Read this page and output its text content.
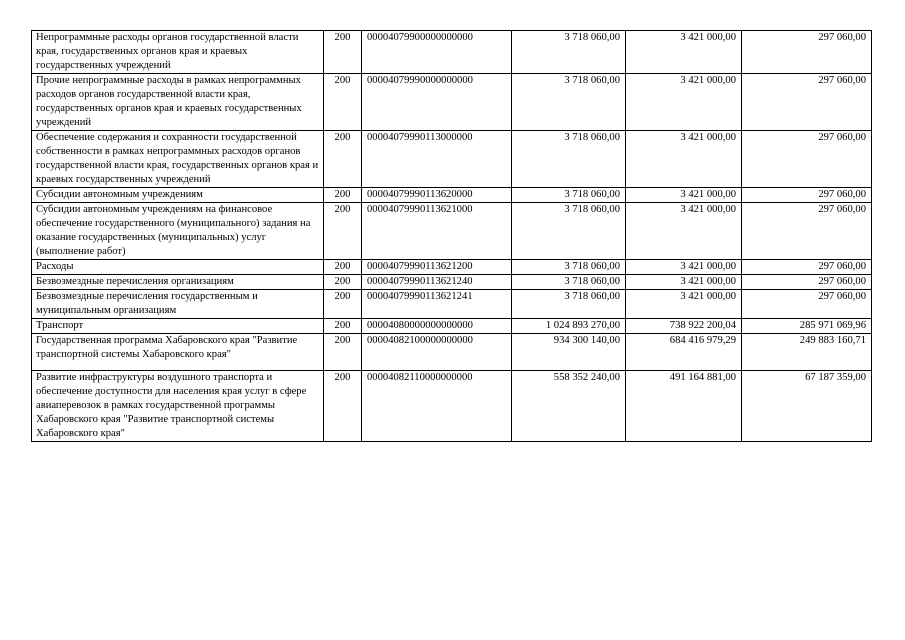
Непрограммные расходы органов государственной власти края, государственных органов края и краевых государственных учреждений	200	00004079900000000000	3 718 060,00	3 421 000,00	297 060,00
Прочие непрограммные расходы в рамках непрограммных расходов органов государственной власти края, государственных органов края и краевых государственных учреждений	200	00004079990000000000	3 718 060,00	3 421 000,00	297 060,00
Обеспечение содержания и сохранности государственной собственности в рамках непрограммных расходов органов государственной власти края, государственных органов края и краевых государственных учреждений	200	00004079990113000000	3 718 060,00	3 421 000,00	297 060,00
Субсидии автономным учреждениям	200	00004079990113620000	3 718 060,00	3 421 000,00	297 060,00
Субсидии автономным учреждениям на финансовое обеспечение государственного (муниципального) задания на оказание государственных (муниципальных) услуг (выполнение работ)	200	00004079990113621000	3 718 060,00	3 421 000,00	297 060,00
Расходы	200	00004079990113621200	3 718 060,00	3 421 000,00	297 060,00
Безвозмездные перечисления организациям	200	00004079990113621240	3 718 060,00	3 421 000,00	297 060,00
Безвозмездные перечисления государственным и муниципальным организациям	200	00004079990113621241	3 718 060,00	3 421 000,00	297 060,00
Транспорт	200	00004080000000000000	1 024 893 270,00	738 922 200,04	285 971 069,96
Государственная программа Хабаровского края "Развитие транспортной системы Хабаровского края"	200	00004082100000000000	934 300 140,00	684 416 979,29	249 883 160,71
Развитие инфраструктуры воздушного транспорта и обеспечение доступности для населения края услуг в сфере авиаперевозок в рамках государственной программы Хабаровского края "Развитие транспортной системы Хабаровского края"	200	00004082110000000000	558 352 240,00	491 164 881,00	67 187 359,00
